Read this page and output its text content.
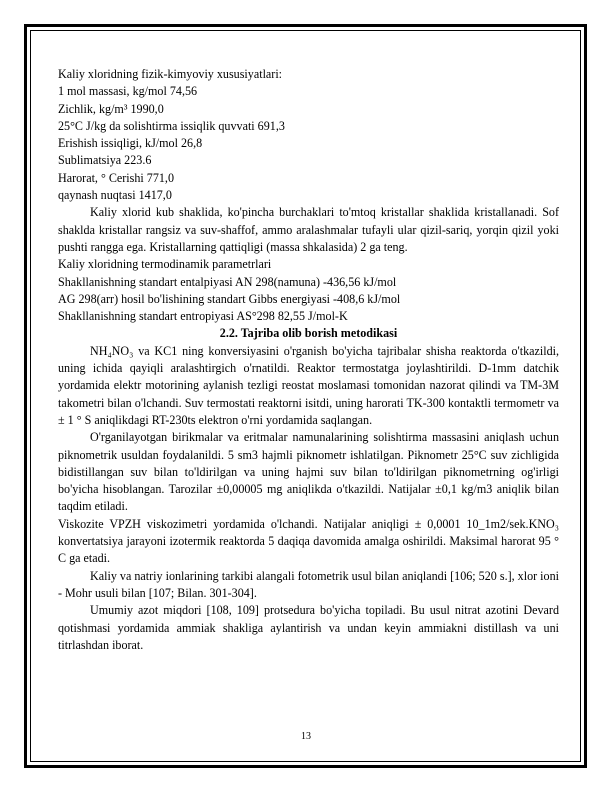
Kaliy xloridning fizik-kimyoviy xususiyatlari:
1 mol massasi, kg/mol 74,56
Zichlik, kg/m³ 1990,0
25°C J/kg da solishtirma issiqlik quvvati 691,3
Erishish issiqligi, kJ/mol 26,8
Sublimatsiya 223.6
Harorat, ° Cerishi 771,0
qaynash nuqtasi 1417,0
Kaliy xlorid kub shaklida, ko'pincha burchaklari to'mtoq kristallar shaklida kristallanadi. Sof shaklda kristallar rangsiz va suv-shaffof, ammo aralashmalar tufayli ular qizil-sariq, yorqin qizil yoki pushti rangga ega. Kristallarning qattiqligi (massa shkalasida) 2 ga teng.
Kaliy xloridning termodinamik parametrlari
Shakllanishning standart entalpiyasi AN 298(namuna) -436,56 kJ/mol
AG 298(arr) hosil bo'lishining standart Gibbs energiyasi -408,6 kJ/mol
Shakllanishning standart entropiyasi AS°298 82,55 J/mol-K
2.2. Tajriba olib borish metodikasi
NH₄NO₃ va KC1 ning konversiyasini o'rganish bo'yicha tajribalar shisha reaktorda o'tkazildi, uning ichida qayiqli aralashtirgich o'rnatildi. Reaktor termostatga joylashtirildi. D-1mm datchik yordamida elektr motorining aylanish tezligi reostat moslamasi tomonidan nazorat qilindi va TM-3M takometri bilan o'lchandi. Suv termostati reaktorni isitdi, uning harorati TK-300 kontaktli termometr va ± 1 ° S aniqlikdagi RT-230ts elektron o'rni yordamida saqlangan.
O'rganilayotgan birikmalar va eritmalar namunalarining solishtirma massasini aniqlash uchun piknometrik usuldan foydalanildi. 5 sm3 hajmli piknometr ishlatilgan. Piknometr 25°C suv zichligida bidistillangan suv bilan to'ldirilgan va uning hajmi suv bilan to'ldirilgan piknometrning og'irligi bo'yicha hisoblangan. Tarozilar ±0,00005 mg aniqlikda o'tkazildi. Natijalar ±0,1 kg/m3 aniqlik bilan taqdim etiladi.
Viskozite VPZH viskozimetri yordamida o'lchandi. Natijalar aniqligi ± 0,0001 10_1m2/sek.KNO₃ konvertatsiya jarayoni izotermik reaktorda 5 daqiqa davomida amalga oshirildi. Maksimal harorat 95 ° C ga etadi.
Kaliy va natriy ionlarining tarkibi alangali fotometrik usul bilan aniqlandi [106; 520 s.], xlor ioni - Mohr usuli bilan [107; Bilan. 301-304].
Umumiy azot miqdori [108, 109] protsedura bo'yicha topiladi. Bu usul nitrat azotini Devard qotishmasi yordamida ammiak shakliga aylantirish va undan keyin ammiakni distillash va uni titrlashdan iborat.
13
